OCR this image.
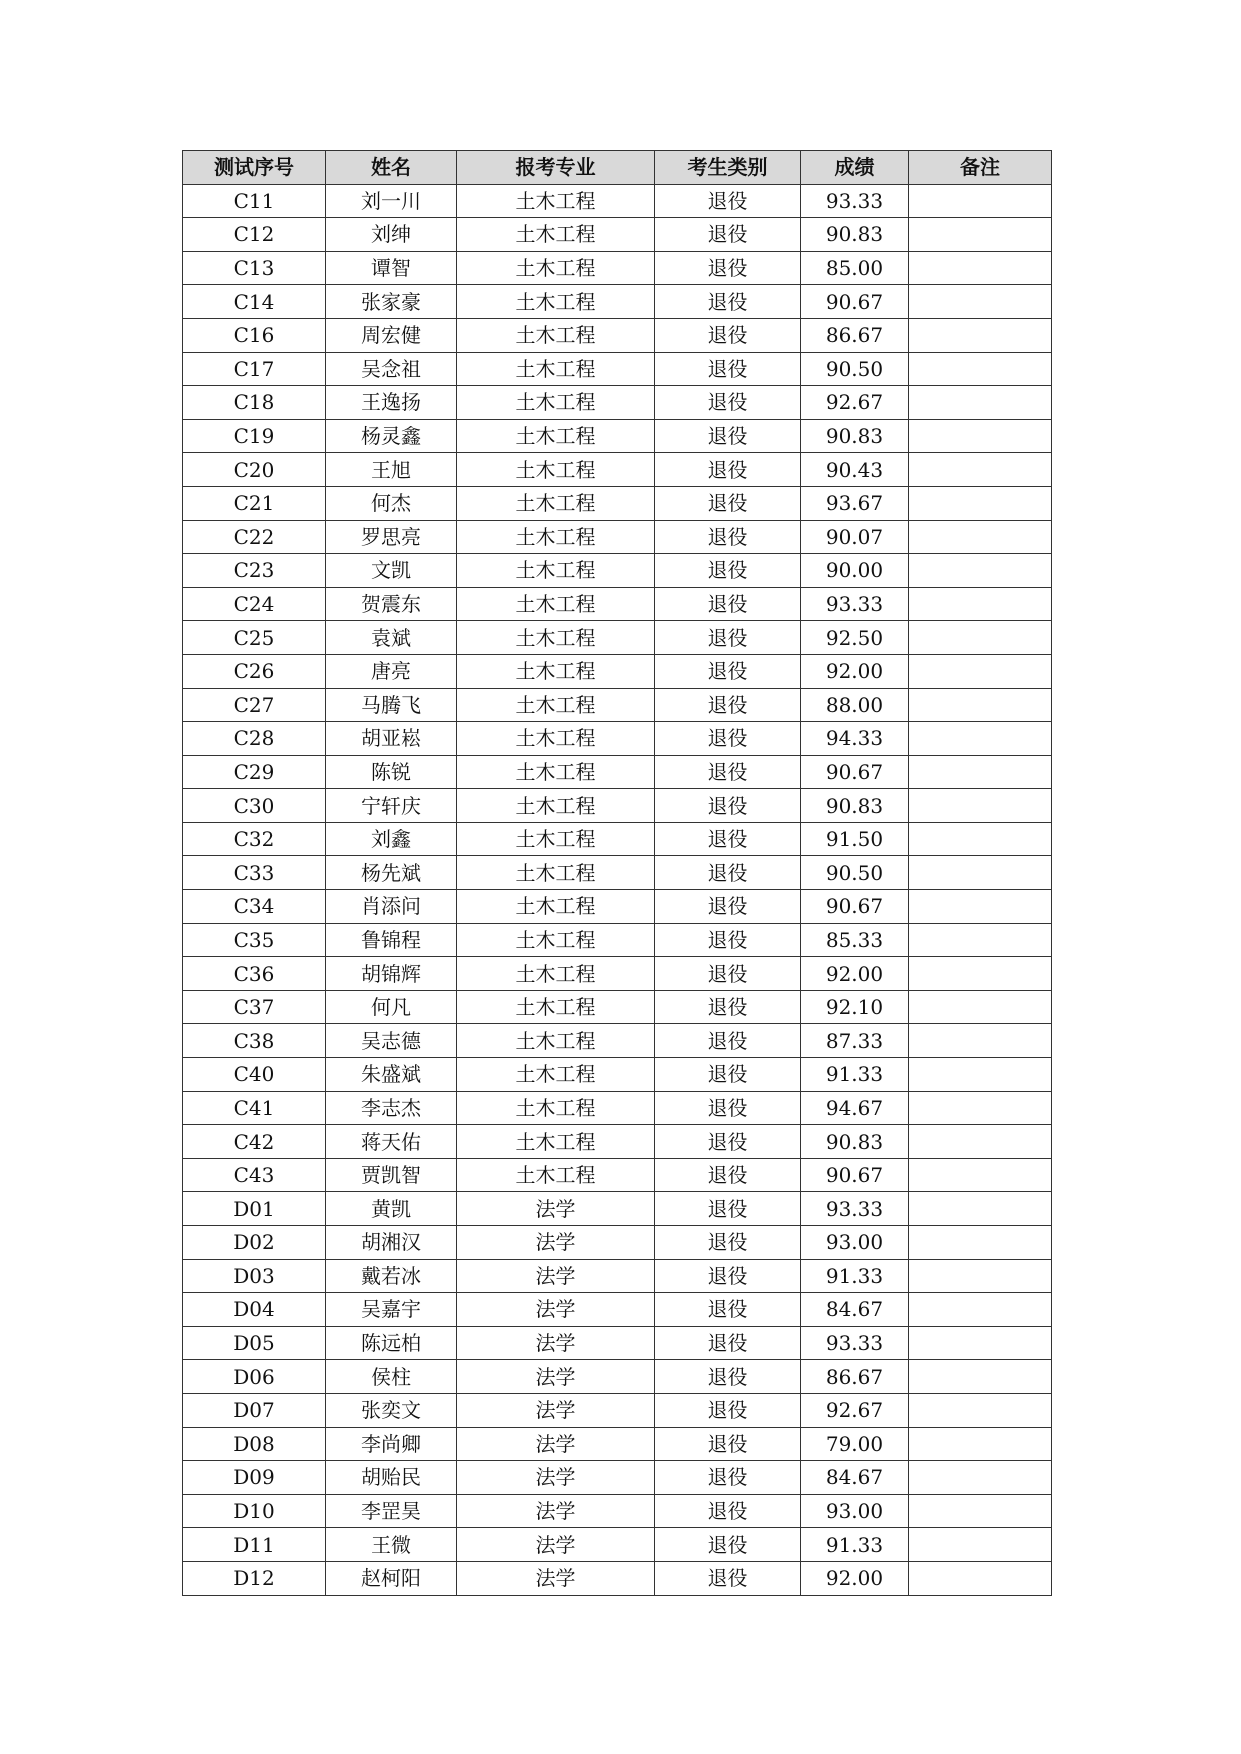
测试序号	姓名	报考专业	考生类别	成绩	备注
C11	刘一川	土木工程	退役	93.33	
C12	刘绅	土木工程	退役	90.83	
C13	谭智	土木工程	退役	85.00	
C14	张家豪	土木工程	退役	90.67	
C16	周宏健	土木工程	退役	86.67	
C17	吴念祖	土木工程	退役	90.50	
C18	王逸扬	土木工程	退役	92.67	
C19	杨灵鑫	土木工程	退役	90.83	
C20	王旭	土木工程	退役	90.43	
C21	何杰	土木工程	退役	93.67	
C22	罗思亮	土木工程	退役	90.07	
C23	文凯	土木工程	退役	90.00	
C24	贺震东	土木工程	退役	93.33	
C25	袁斌	土木工程	退役	92.50	
C26	唐亮	土木工程	退役	92.00	
C27	马腾飞	土木工程	退役	88.00	
C28	胡亚崧	土木工程	退役	94.33	
C29	陈锐	土木工程	退役	90.67	
C30	宁轩庆	土木工程	退役	90.83	
C32	刘鑫	土木工程	退役	91.50	
C33	杨先斌	土木工程	退役	90.50	
C34	肖添问	土木工程	退役	90.67	
C35	鲁锦程	土木工程	退役	85.33	
C36	胡锦辉	土木工程	退役	92.00	
C37	何凡	土木工程	退役	92.10	
C38	吴志德	土木工程	退役	87.33	
C40	朱盛斌	土木工程	退役	91.33	
C41	李志杰	土木工程	退役	94.67	
C42	蒋天佑	土木工程	退役	90.83	
C43	贾凯智	土木工程	退役	90.67	
D01	黄凯	法学	退役	93.33	
D02	胡湘汉	法学	退役	93.00	
D03	戴若冰	法学	退役	91.33	
D04	吴嘉宇	法学	退役	84.67	
D05	陈远柏	法学	退役	93.33	
D06	侯柱	法学	退役	86.67	
D07	张奕文	法学	退役	92.67	
D08	李尚卿	法学	退役	79.00	
D09	胡贻民	法学	退役	84.67	
D10	李罡昊	法学	退役	93.00	
D11	王微	法学	退役	91.33	
D12	赵柯阳	法学	退役	92.00	
